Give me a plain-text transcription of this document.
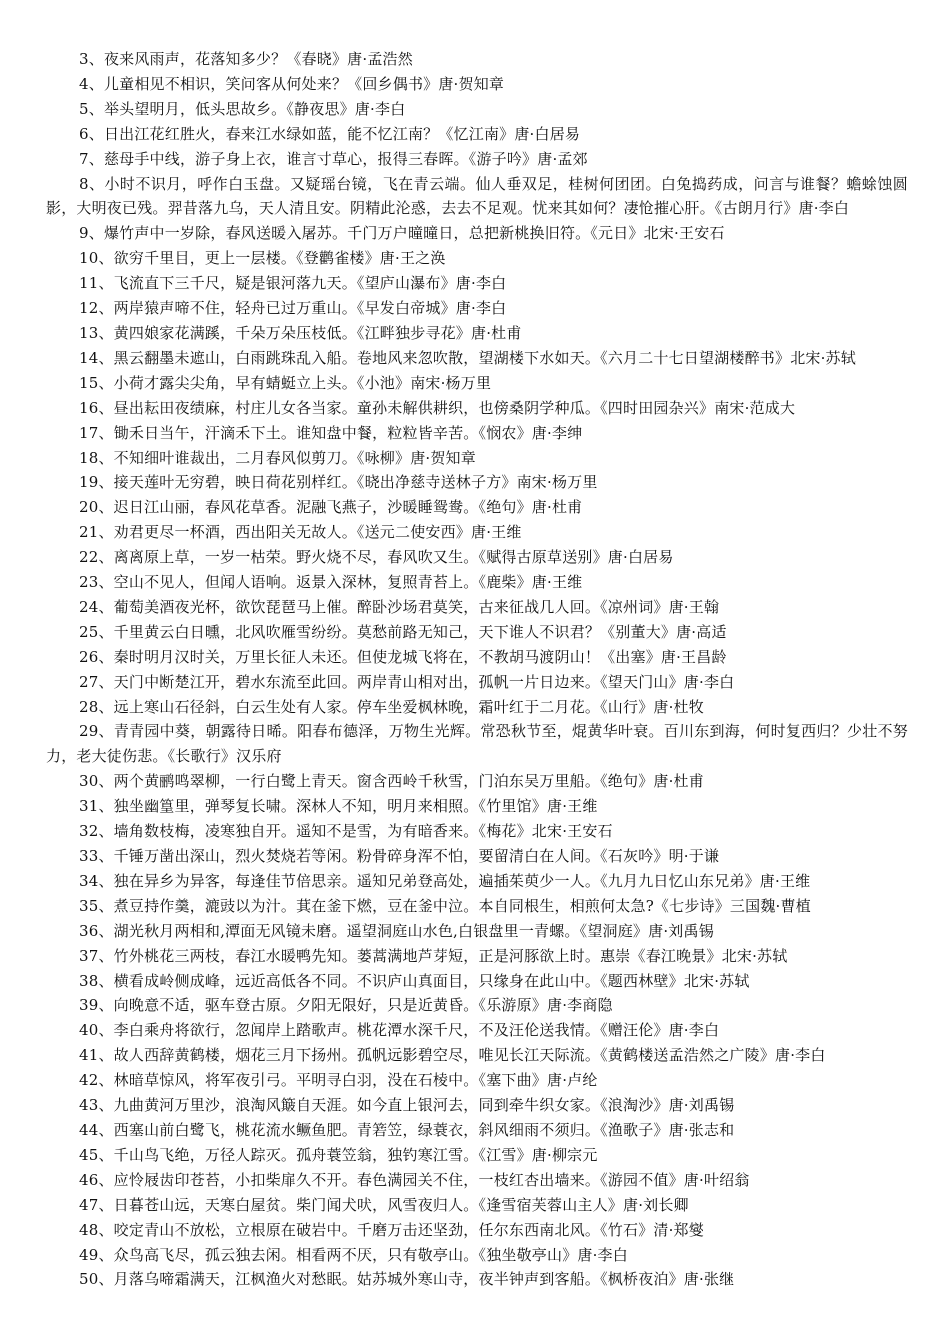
3、夜来风雨声，花落知多少？《春晓》唐·孟浩然

4、儿童相见不相识，笑问客从何处来？《回乡偶书》唐·贺知章

5、举头望明月，低头思故乡。《静夜思》唐·李白

6、日出江花红胜火，春来江水绿如蓝，能不忆江南？《忆江南》唐·白居易

7、慈母手中线，游子身上衣，谁言寸草心，报得三春晖。《游子吟》唐·孟郊

8、小时不识月，呼作白玉盘。又疑瑶台镜，飞在青云端。仙人垂双足，桂树何团团。白兔捣药成，问言与谁餐？蟾蜍蚀圆影，大明夜已残。羿昔落九乌，天人清且安。阴精此沦惑，去去不足观。忧来其如何？凄怆摧心肝。《古朗月行》唐·李白

9、爆竹声中一岁除，春风送暖入屠苏。千门万户曈曈日，总把新桃换旧符。《元日》北宋·王安石

10、欲穷千里目，更上一层楼。《登鹳雀楼》唐·王之涣

11、飞流直下三千尺，疑是银河落九天。《望庐山瀑布》唐·李白

12、两岸猿声啼不住，轻舟已过万重山。《早发白帝城》唐·李白

13、黄四娘家花满蹊，千朵万朵压枝低。《江畔独步寻花》唐·杜甫

14、黑云翻墨未遮山，白雨跳珠乱入船。卷地风来忽吹散，望湖楼下水如天。《六月二十七日望湖楼醉书》北宋·苏轼

15、小荷才露尖尖角，早有蜻蜓立上头。《小池》南宋·杨万里

16、昼出耘田夜绩麻，村庄儿女各当家。童孙未解供耕织，也傍桑阴学种瓜。《四时田园杂兴》南宋·范成大

17、锄禾日当午，汗滴禾下土。谁知盘中餐，粒粒皆辛苦。《悯农》唐·李绅

18、不知细叶谁裁出，二月春风似剪刀。《咏柳》唐·贺知章

19、接天莲叶无穷碧，映日荷花别样红。《晓出净慈寺送林子方》南宋·杨万里

20、迟日江山丽，春风花草香。泥融飞燕子，沙暖睡鸳鸯。《绝句》唐·杜甫

21、劝君更尽一杯酒，西出阳关无故人。《送元二使安西》唐·王维

22、离离原上草，一岁一枯荣。野火烧不尽，春风吹又生。《赋得古原草送别》唐·白居易

23、空山不见人，但闻人语响。返景入深林，复照青苔上。《鹿柴》唐·王维

24、葡萄美酒夜光杯，欲饮琵琶马上催。醉卧沙场君莫笑，古来征战几人回。《凉州词》唐·王翰

25、千里黄云白日曛，北风吹雁雪纷纷。莫愁前路无知己，天下谁人不识君？《别董大》唐·高适

26、秦时明月汉时关，万里长征人未还。但使龙城飞将在，不教胡马渡阴山！《出塞》唐·王昌龄

27、天门中断楚江开，碧水东流至此回。两岸青山相对出，孤帆一片日边来。《望天门山》唐·李白

28、远上寒山石径斜，白云生处有人家。停车坐爱枫林晚，霜叶红于二月花。《山行》唐·杜牧

29、青青园中葵，朝露待日晞。阳春布德泽，万物生光辉。常恐秋节至，焜黄华叶衰。百川东到海，何时复西归？少壮不努力，老大徒伤悲。《长歌行》汉乐府

30、两个黄鹂鸣翠柳，一行白鹭上青天。窗含西岭千秋雪，门泊东吴万里船。《绝句》唐·杜甫

31、独坐幽篁里，弹琴复长啸。深林人不知，明月来相照。《竹里馆》唐·王维

32、墙角数枝梅，凌寒独自开。遥知不是雪，为有暗香来。《梅花》北宋·王安石

33、千锤万凿出深山，烈火焚烧若等闲。粉骨碎身浑不怕，要留清白在人间。《石灰吟》明·于谦

34、独在异乡为异客，每逢佳节倍思亲。遥知兄弟登高处，遍插茱萸少一人。《九月九日忆山东兄弟》唐·王维

35、煮豆持作羹，漉豉以为汁。萁在釜下燃，豆在釜中泣。本自同根生，相煎何太急?《七步诗》三国魏·曹植

36、湖光秋月两相和,潭面无风镜未磨。遥望洞庭山水色,白银盘里一青螺。《望洞庭》唐·刘禹锡

37、竹外桃花三两枝，春江水暖鸭先知。蒌蒿满地芦芽短，正是河豚欲上时。惠崇《春江晚景》北宋·苏轼

38、横看成岭侧成峰，远近高低各不同。不识庐山真面目，只缘身在此山中。《题西林壁》北宋·苏轼

39、向晚意不适，驱车登古原。夕阳无限好，只是近黄昏。《乐游原》唐·李商隐

40、李白乘舟将欲行，忽闻岸上踏歌声。桃花潭水深千尺，不及汪伦送我情。《赠汪伦》唐·李白

41、故人西辞黄鹤楼，烟花三月下扬州。孤帆远影碧空尽，唯见长江天际流。《黄鹤楼送孟浩然之广陵》唐·李白

42、林暗草惊风，将军夜引弓。平明寻白羽，没在石棱中。《塞下曲》唐·卢纶

43、九曲黄河万里沙，浪淘风簸自天涯。如今直上银河去，同到牵牛织女家。《浪淘沙》唐·刘禹锡

44、西塞山前白鹭飞，桃花流水鳜鱼肥。青箬笠，绿蓑衣，斜风细雨不须归。《渔歌子》唐·张志和

45、千山鸟飞绝，万径人踪灭。孤舟蓑笠翁，独钓寒江雪。《江雪》唐·柳宗元

46、应怜屐齿印苍苔，小扣柴扉久不开。春色满园关不住，一枝红杏出墙来。《游园不值》唐·叶绍翁

47、日暮苍山远，天寒白屋贫。柴门闻犬吠，风雪夜归人。《逢雪宿芙蓉山主人》唐·刘长卿

48、咬定青山不放松，立根原在破岩中。千磨万击还坚劲，任尔东西南北风。《竹石》清·郑燮

49、众鸟高飞尽，孤云独去闲。相看两不厌，只有敬亭山。《独坐敬亭山》唐·李白

50、月落乌啼霜满天，江枫渔火对愁眠。姑苏城外寒山寺，夜半钟声到客船。《枫桥夜泊》唐·张继
